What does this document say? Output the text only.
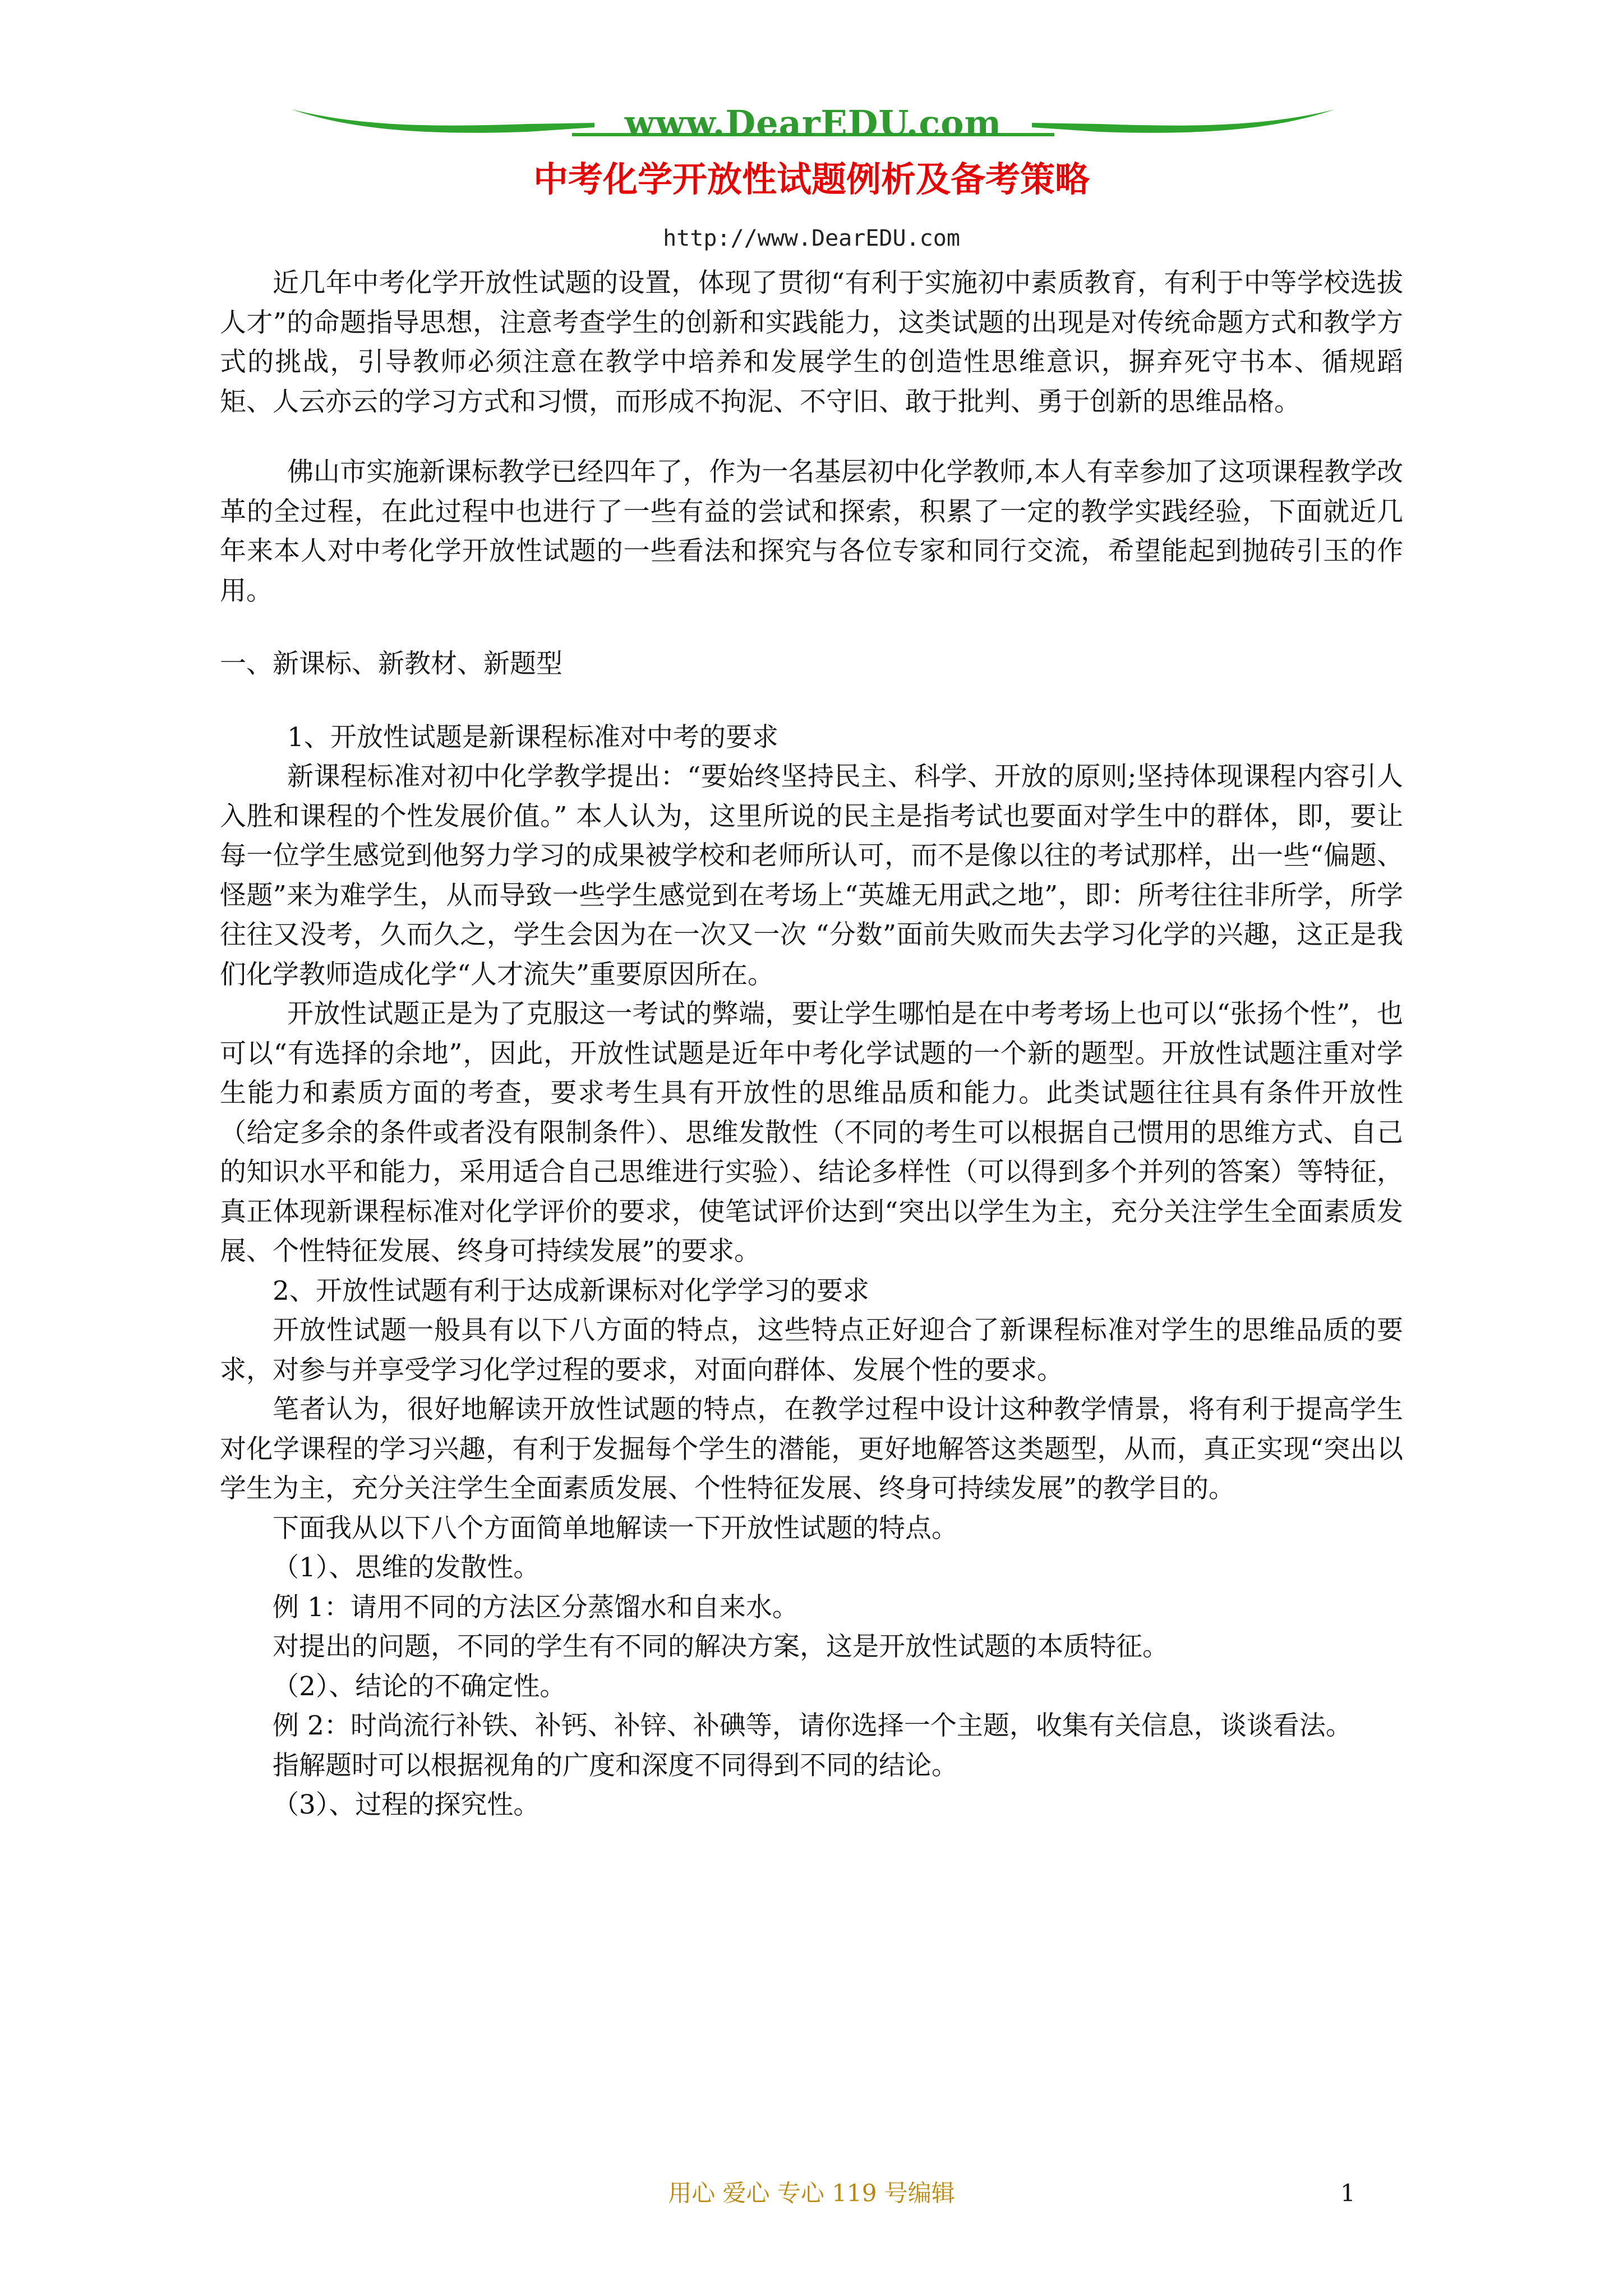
www.DearEDU.com
中考化学开放性试题例析及备考策略
http://www.DearEDU.com

近几年中考化学开放性试题的设置，体现了贯彻“有利于实施初中素质教育，有利于中等学校选拔人才”的命题指导思想，注意考查学生的创新和实践能力，这类试题的出现是对传统命题方式和教学方式的挑战，引导教师必须注意在教学中培养和发展学生的创造性思维意识，摒弃死守书本、循规蹈矩、人云亦云的学习方式和习惯，而形成不拘泥、不守旧、敢于批判、勇于创新的思维品格。

佛山市实施新课标教学已经四年了，作为一名基层初中化学教师,本人有幸参加了这项课程教学改革的全过程，在此过程中也进行了一些有益的尝试和探索，积累了一定的教学实践经验，下面就近几年来本人对中考化学开放性试题的一些看法和探究与各位专家和同行交流，希望能起到抛砖引玉的作用。

一、新课标、新教材、新题型

1、开放性试题是新课程标准对中考的要求

新课程标准对初中化学教学提出：“要始终坚持民主、科学、开放的原则;坚持体现课程内容引人入胜和课程的个性发展价值。” 本人认为，这里所说的民主是指考试也要面对学生中的群体，即，要让每一位学生感觉到他努力学习的成果被学校和老师所认可，而不是像以往的考试那样，出一些“偏题、怪题”来为难学生，从而导致一些学生感觉到在考场上“英雄无用武之地”，即：所考往往非所学，所学往往又没考，久而久之，学生会因为在一次又一次 “分数”面前失败而失去学习化学的兴趣，这正是我们化学教师造成化学“人才流失”重要原因所在。

开放性试题正是为了克服这一考试的弊端，要让学生哪怕是在中考考场上也可以“张扬个性”，也可以“有选择的余地”，因此，开放性试题是近年中考化学试题的一个新的题型。开放性试题注重对学生能力和素质方面的考查，要求考生具有开放性的思维品质和能力。此类试题往往具有条件开放性（给定多余的条件或者没有限制条件）、思维发散性（不同的考生可以根据自己惯用的思维方式、自己的知识水平和能力，采用适合自己思维进行实验）、结论多样性（可以得到多个并列的答案）等特征，真正体现新课程标准对化学评价的要求，使笔试评价达到“突出以学生为主，充分关注学生全面素质发展、个性特征发展、终身可持续发展”的要求。

2、开放性试题有利于达成新课标对化学学习的要求

开放性试题一般具有以下八方面的特点，这些特点正好迎合了新课程标准对学生的思维品质的要求，对参与并享受学习化学过程的要求，对面向群体、发展个性的要求。

笔者认为，很好地解读开放性试题的特点，在教学过程中设计这种教学情景，将有利于提高学生对化学课程的学习兴趣，有利于发掘每个学生的潜能，更好地解答这类题型，从而，真正实现“突出以学生为主，充分关注学生全面素质发展、个性特征发展、终身可持续发展”的教学目的。

下面我从以下八个方面简单地解读一下开放性试题的特点。

（1）、思维的发散性。

例 1：请用不同的方法区分蒸馏水和自来水。

对提出的问题，不同的学生有不同的解决方案，这是开放性试题的本质特征。

（2）、结论的不确定性。

例 2：时尚流行补铁、补钙、补锌、补碘等，请你选择一个主题，收集有关信息，谈谈看法。

指解题时可以根据视角的广度和深度不同得到不同的结论。

（3）、过程的探究性。

用心 爱心 专心 119 号编辑	1
